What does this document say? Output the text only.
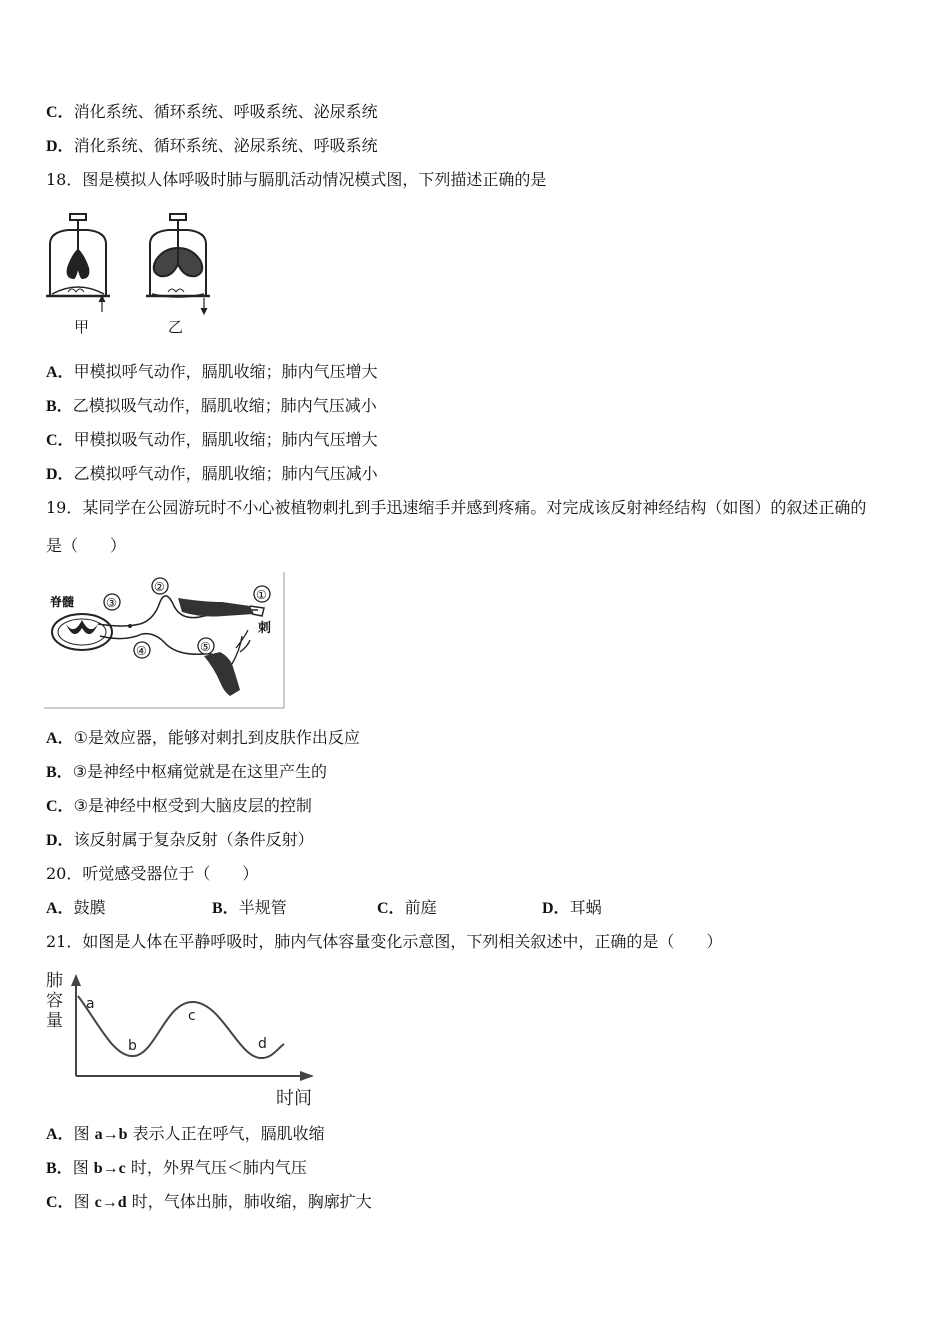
C．消化系统、循环系统、呼吸系统、泌尿系统
D．消化系统、循环系统、泌尿系统、呼吸系统
18．图是模拟人体呼吸时肺与膈肌活动情况模式图，下列描述正确的是
甲	乙
A．甲模拟呼气动作，膈肌收缩；肺内气压增大
B．乙模拟吸气动作，膈肌收缩；肺内气压减小
C．甲模拟吸气动作，膈肌收缩；肺内气压增大
D．乙模拟呼气动作，膈肌收缩；肺内气压减小
19．某同学在公园游玩时不小心被植物刺扎到手迅速缩手并感到疼痛。对完成该反射神经结构（如图）的叙述正确的
是（　　）
脊髓	③
②
①
刺
④	⑤
A．①是效应器，能够对刺扎到皮肤作出反应
B．③是神经中枢痛觉就是在这里产生的
C．③是神经中枢受到大脑皮层的控制
D．该反射属于复杂反射（条件反射）
20．听觉感受器位于（　　）
A．鼓膜	B．半规管	C．前庭	D．耳蜗
21．如图是人体在平静呼吸时，肺内气体容量变化示意图，下列相关叙述中，正确的是（　　）
肺
容
量
a
b
c
d
时间
A．图 a→b 表示人正在呼气，膈肌收缩
B．图 b→c 时，外界气压＜肺内气压
C．图 c→d 时，气体出肺，肺收缩，胸廓扩大
